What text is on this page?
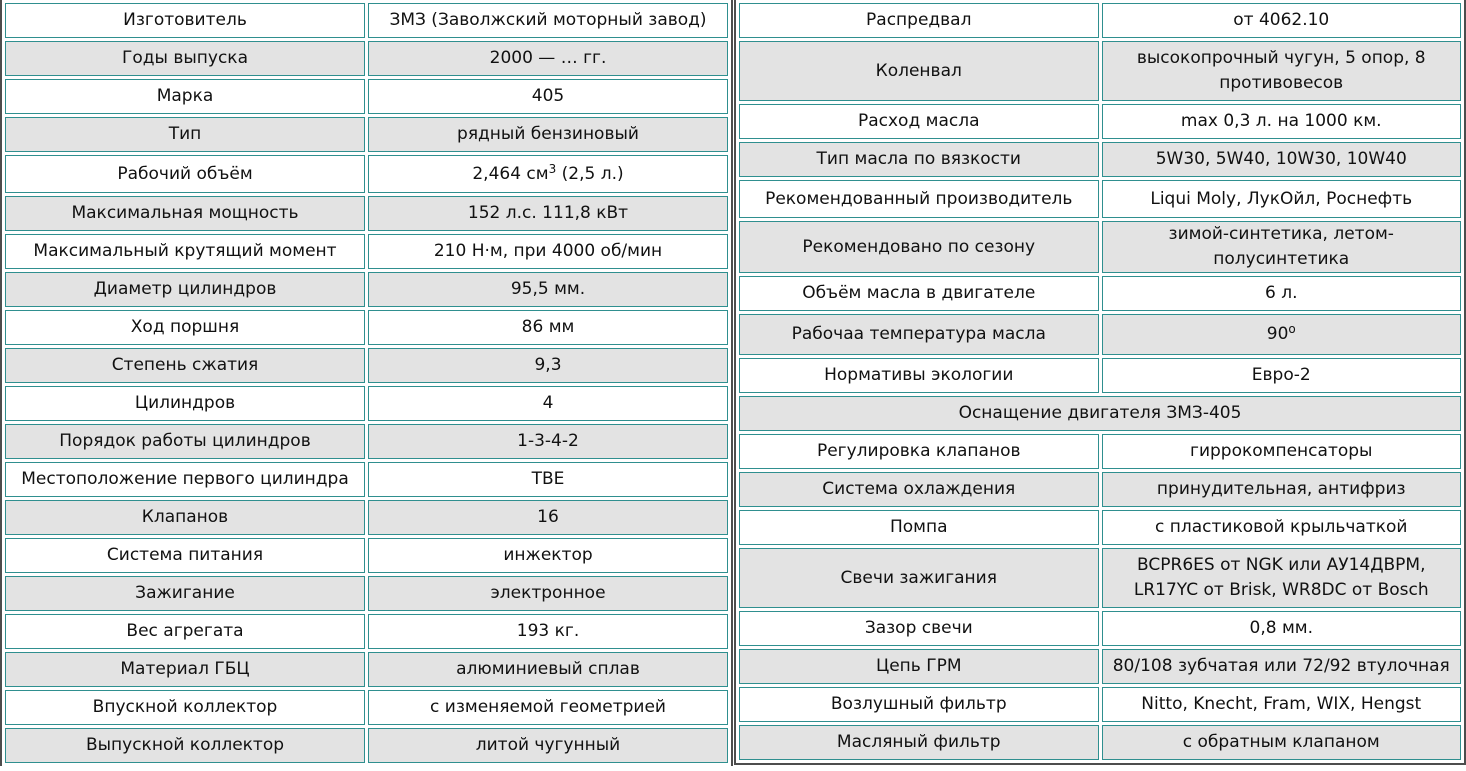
Изготовитель	ЗМЗ (Заволжский моторный завод)
Годы выпуска	2000 — … гг.
Марка	405
Тип	рядный бензиновый
Рабочий объём	2,464 $см^3$ (2,5 л.)
Максимальная мощность	152 л.с. 111,8 кВт
Максимальный крутящий момент	210 Н·м, при 4000 об/мин
Диаметр цилиндров	95,5 мм.
Ход поршня	86 мм
Степень сжатия	9,3
Цилиндров	4
Порядок работы цилиндров	1-3-4-2
Местоположение первого цилиндра	ТВЕ
Клапанов	16
Система питания	инжектор
Зажигание	электронное
Вес агрегата	193 кг.
Материал ГБЦ	алюминиевый сплав
Впускной коллектор	с изменяемой геометрией
Выпускной коллектор	литой чугунный
Распредвал	от 4062.10
Коленвал	высокопрочный чугун, 5 опор, 8 противовесов
Расход масла	max 0,3 л. на 1000 км.
Тип масла по вязкости	5W30, 5W40, 10W30, 10W40
Рекомендованный производитель	Liqui Moly, ЛукОйл, Роснефть
Рекомендовано по сезону	зимой-синтетика, летом-полусинтетика
Объём масла в двигателе	6 л.
Рабочаа температура масла	90$^o$
Нормативы экологии	Евро-2
Оснащение двигателя ЗМЗ-405	
Регулировка клапанов	гиррокомпенсаторы
Система охлаждения	принудительная, антифриз
Помпа	с пластиковой крыльчаткой
Свечи зажигания	BCPR6ES от NGK или АУ14ДВРМ, LR17YC от Brisk, WR8DC от Bosch
Зазор свечи	0,8 мм.
Цепь ГРМ	80/108 зубчатая или 72/92 втулочная
Возлушный фильтр	Nitto, Knecht, Fram, WIX, Hengst
Масляный фильтр	с обратным клапаном
